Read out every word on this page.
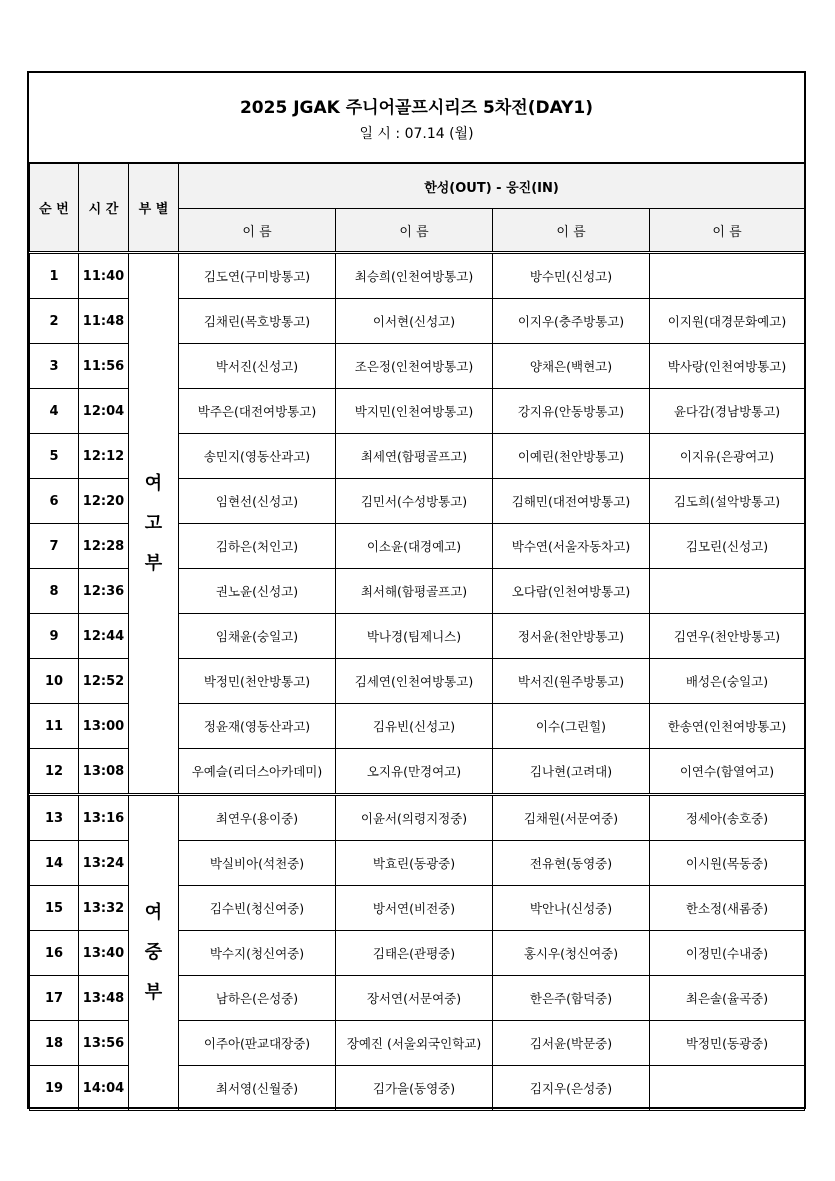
2025 JGAK 주니어골프시리즈 5차전(DAY1)
일 시 : 07.14 (월)
순 번	시 간	부 별	한성(OUT) - 웅진(IN)			
			이 름	이 름	이 름	이 름
1	11:40	여
고
부	김도연(구미방통고)	최승희(인천여방통고)	방수민(신성고)	
2	11:48		김채린(목호방통고)	이서현(신성고)	이지우(충주방통고)	이지원(대경문화예고)
3	11:56		박서진(신성고)	조은정(인천여방통고)	양채은(백현고)	박사랑(인천여방통고)
4	12:04		박주은(대전여방통고)	박지민(인천여방통고)	강지유(안동방통고)	윤다감(경남방통고)
5	12:12		송민지(영동산과고)	최세연(함평골프고)	이예린(천안방통고)	이지유(은광여고)
6	12:20		임현선(신성고)	김민서(수성방통고)	김해민(대전여방통고)	김도희(설악방통고)
7	12:28		김하은(처인고)	이소윤(대경예고)	박수연(서울자동차고)	김모린(신성고)
8	12:36		권노윤(신성고)	최서해(함평골프고)	오다람(인천여방통고)	
9	12:44		임채윤(숭일고)	박나경(팀제니스)	정서윤(천안방통고)	김연우(천안방통고)
10	12:52		박정민(천안방통고)	김세연(인천여방통고)	박서진(원주방통고)	배성은(숭일고)
11	13:00		정윤재(영동산과고)	김유빈(신성고)	이수(그린힐)	한송연(인천여방통고)
12	13:08		우예슬(리더스아카데미)	오지유(만경여고)	김나현(고려대)	이연수(함열여고)
13	13:16	여
중
부	최연우(용이중)	이윤서(의령지정중)	김채원(서문여중)	정세아(송호중)
14	13:24		박실비아(석천중)	박효린(동광중)	전유현(동영중)	이시원(목동중)
15	13:32		김수빈(청신여중)	방서연(비전중)	박안나(신성중)	한소정(새롬중)
16	13:40		박수지(청신여중)	김태은(관평중)	홍시우(청신여중)	이정민(수내중)
17	13:48		남하은(은성중)	장서연(서문여중)	한은주(함덕중)	최은솔(율곡중)
18	13:56		이주아(판교대장중)	장예진 (서울외국인학교)	김서윤(박문중)	박정민(동광중)
19	14:04		최서영(신월중)	김가을(동영중)	김지우(은성중)	
